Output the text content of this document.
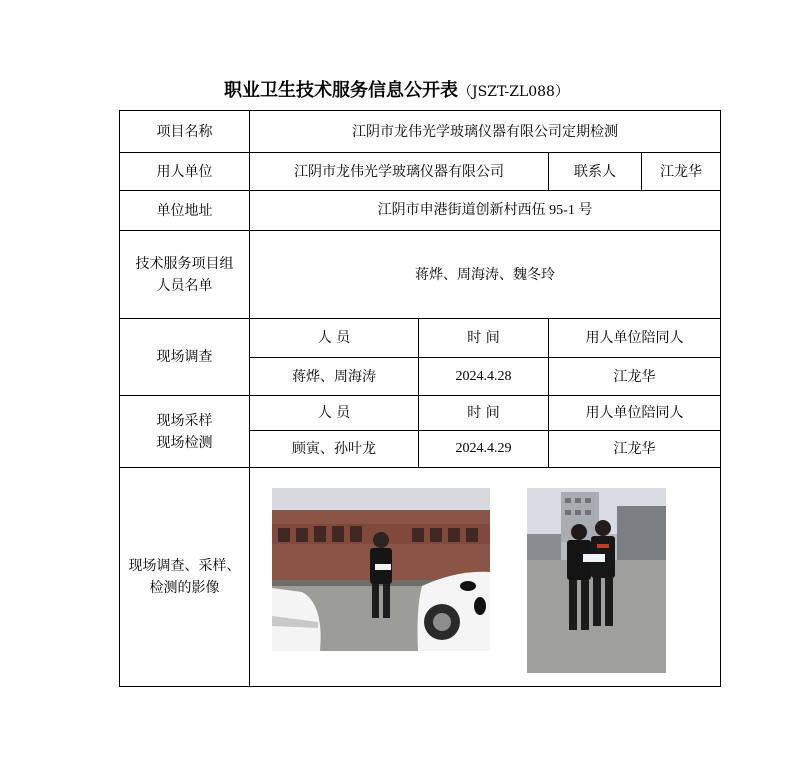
职业卫生技术服务信息公开表（JSZT-ZL088）
项目名称	江阴市龙伟光学玻璃仪器有限公司定期检测			
用人单位	江阴市龙伟光学玻璃仪器有限公司		联系人	江龙华
单位地址	江阴市申港街道创新村西伍 95-1 号			

技术服务项目组
人员名单	蒋烨、周海涛、魏冬玲			
现场调查	人 员	时 间	用人单位陪同人	
	蒋烨、周海涛	2024.4.28	江龙华	

现场采样
现场检测	人 员	时 间	用人单位陪同人	
	顾寅、孙叶龙	2024.4.29	江龙华	

现场调查、采样、
检测的影像				
